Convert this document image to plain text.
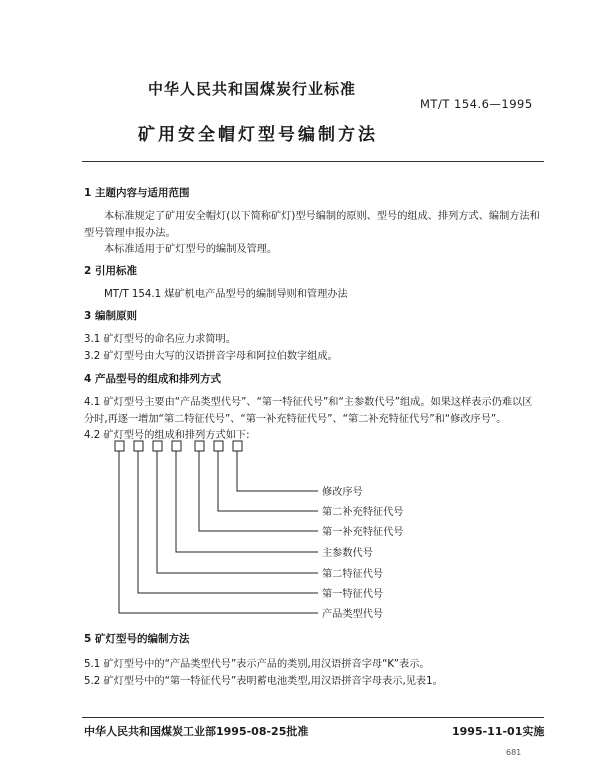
中华人民共和国煤炭行业标准
MT/T 154.6—1995
矿用安全帽灯型号编制方法
1 主题内容与适用范围
本标准规定了矿用安全帽灯(以下简称矿灯)型号编制的原则、型号的组成、排列方式、编制方法和
型号管理申报办法。
本标准适用于矿灯型号的编制及管理。
2 引用标准
MT/T 154.1 煤矿机电产品型号的编制导则和管理办法
3 编制原则
3.1 矿灯型号的命名应力求简明。
3.2 矿灯型号由大写的汉语拼音字母和阿拉伯数字组成。
4 产品型号的组成和排列方式
4.1 矿灯型号主要由“产品类型代号”、“第一特征代号”和“主参数代号”组成。如果这样表示仍难以区
分时,再逐一增加“第二特征代号”、“第一补充特征代号”、“第二补充特征代号”和“修改序号”。
4.2 矿灯型号的组成和排列方式如下:
修改序号
第二补充特征代号
第一补充特征代号
主参数代号
第二特征代号
第一特征代号
产品类型代号
5 矿灯型号的编制方法
5.1 矿灯型号中的“产品类型代号”表示产品的类别,用汉语拼音字母“K”表示。
5.2 矿灯型号中的“第一特征代号”表明蓄电池类型,用汉语拼音字母表示,见表1。
中华人民共和国煤炭工业部1995-08-25批准	1995-11-01实施
681
